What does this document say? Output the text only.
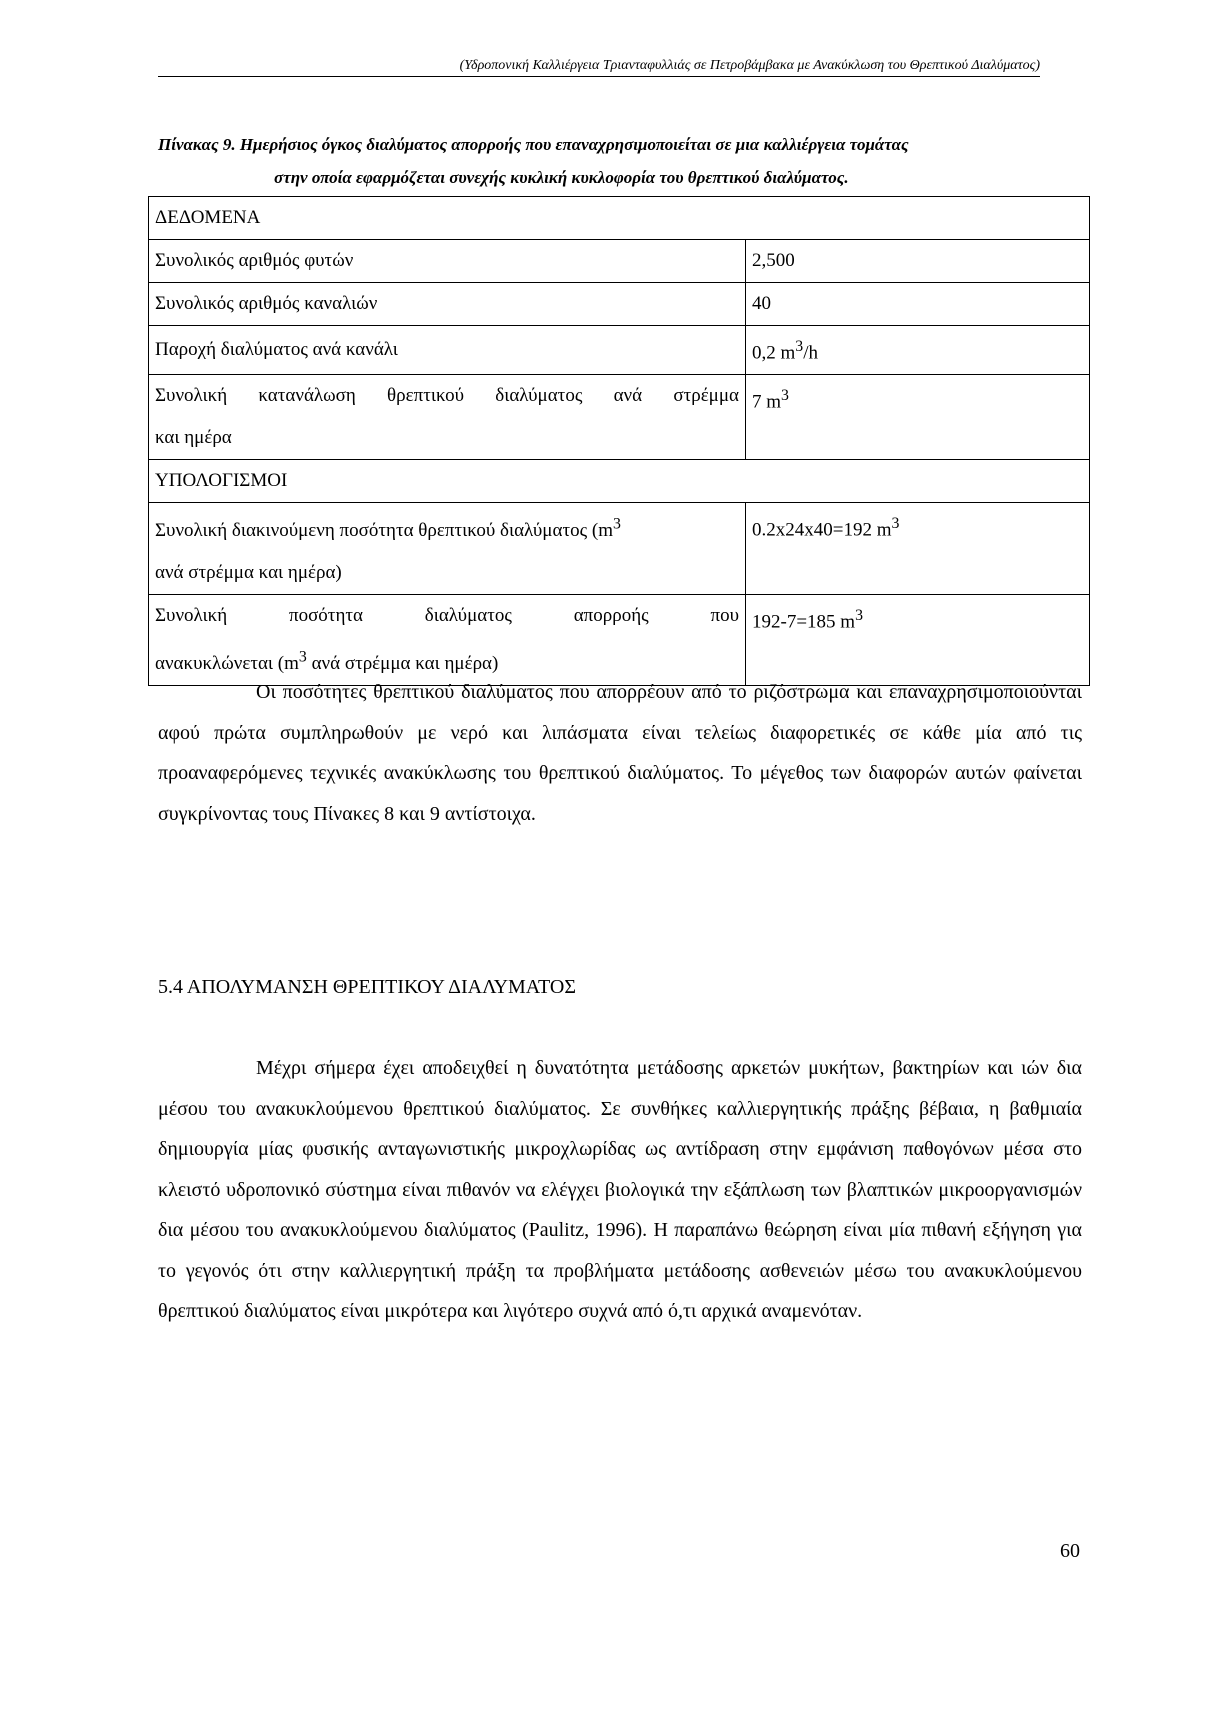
(Υδροπονική Καλλιέργεια Τριανταφυλλιάς σε Πετροβάμβακα με Ανακύκλωση του Θρεπτικού Διαλύματος)
Πίνακας 9. Ημερήσιος όγκος διαλύματος απορροής που επαναχρησιμοποιείται σε μια καλλιέργεια τομάτας
στην οποία εφαρμόζεται συνεχής κυκλική κυκλοφορία του θρεπτικού διαλύματος.
ΔΕΔΟΜΕΝΑ	
Συνολικός αριθμός φυτών	2,500
Συνολικός αριθμός καναλιών	40
Παροχή διαλύματος ανά κανάλι	0,2 $m^3/h$

Συνολική κατανάλωση θρεπτικού διαλύματος ανά στρέμμα
και ημέρα	7 $m^3$
ΥΠΟΛΟΓΙΣΜΟΙ	
Συνολική διακινούμενη ποσότητα θρεπτικού διαλύματος ($m^3$
ανά στρέμμα και ημέρα)	0.2x24x40=192 $m^3$

Συνολική ποσότητα διαλύματος απορροής που
ανακυκλώνεται ($m^3$ ανά στρέμμα και ημέρα)	192-7=185 $m^3$

Οι ποσότητες θρεπτικού διαλύματος που απορρέουν από το ριζόστρωμα και επαναχρησιμοποιούνται αφού πρώτα συμπληρωθούν με νερό και λιπάσματα είναι τελείως διαφορετικές σε κάθε μία από τις προαναφερόμενες τεχνικές ανακύκλωσης του θρεπτικού διαλύματος. Το μέγεθος των διαφορών αυτών φαίνεται συγκρίνοντας τους Πίνακες 8 και 9 αντίστοιχα.

5.4 ΑΠΟΛΥΜΑΝΣΗ ΘΡΕΠΤΙΚΟΥ ΔΙΑΛΥΜΑΤΟΣ

Μέχρι σήμερα έχει αποδειχθεί η δυνατότητα μετάδοσης αρκετών μυκήτων, βακτηρίων και ιών δια μέσου του ανακυκλούμενου θρεπτικού διαλύματος. Σε συνθήκες καλλιεργητικής πράξης βέβαια, η βαθμιαία δημιουργία μίας φυσικής ανταγωνιστικής μικροχλωρίδας ως αντίδραση στην εμφάνιση παθογόνων μέσα στο κλειστό υδροπονικό σύστημα είναι πιθανόν να ελέγχει βιολογικά την εξάπλωση των βλαπτικών μικροοργανισμών δια μέσου του ανακυκλούμενου διαλύματος (Paulitz, 1996). Η παραπάνω θεώρηση είναι μία πιθανή εξήγηση για το γεγονός ότι στην καλλιεργητική πράξη τα προβλήματα μετάδοσης ασθενειών μέσω του ανακυκλούμενου θρεπτικού διαλύματος είναι μικρότερα και λιγότερο συχνά από ό,τι αρχικά αναμενόταν.

60
